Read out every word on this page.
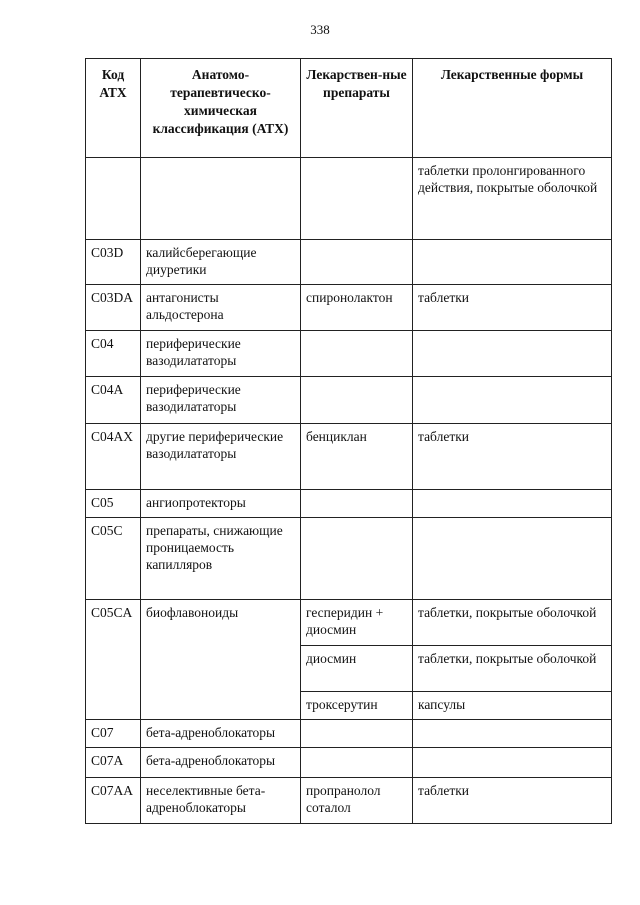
338
Код АТХ	Анатомо-терапевтическо-химическая классификация (АТХ)	Лекарствен-ные препараты	Лекарственные формы
			таблетки пролонгированного действия, покрытые оболочкой
C03D	калийсберегающие диуретики		
C03DA	антагонисты альдостерона	спиронолактон	таблетки
C04	периферические вазодилататоры		
C04A	периферические вазодилататоры		
C04AX	другие периферические вазодилататоры	бенциклан	таблетки
C05	ангиопротекторы		
C05C	препараты, снижающие проницаемость капилляров		
C05CA	биофлавоноиды	гесперидин + диосмин	таблетки, покрытые оболочкой
		диосмин	таблетки, покрытые оболочкой
		троксерутин	капсулы
C07	бета-адреноблокаторы		
C07A	бета-адреноблокаторы		
C07AA	неселективные бета-адреноблокаторы	пропранолол соталол	таблетки
